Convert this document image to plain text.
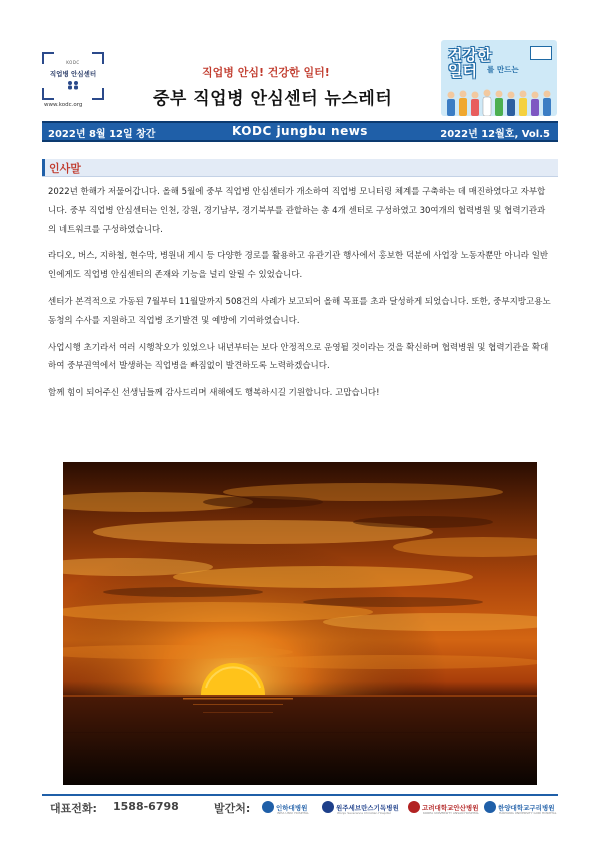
KODC
직업병 안심센터
www.kodc.org
직업병 안심! 건강한 일터!
중부 직업병 안심센터 뉴스레터
건강한
일터	를 만드는
2022년 8월 12일 창간	KODC jungbu news	2022년 12월호, Vol.5
인사말

2022년 한해가 저물어갑니다. 올해 5월에 중부 직업병 안심센터가 개소하여 직업병 모니터링 체계를 구축하는 데 매진하였다고 자부합니다. 중부 직업병 안심센터는 인천, 강원, 경기남부, 경기북부를 관할하는 총 4개 센터로 구성하였고 30여개의 협력병원 및 협력기관과의 네트워크를 구성하였습니다.

라디오, 버스, 지하철, 현수막, 병원내 게시 등 다양한 경로를 활용하고 유관기관 행사에서 홍보한 덕분에 사업장 노동자뿐만 아니라 일반인에게도 직업병 안심센터의 존재와 기능을 널리 알릴 수 있었습니다.

센터가 본격적으로 가동된 7월부터 11월말까지 508건의 사례가 보고되어 올해 목표를 초과 달성하게 되었습니다. 또한, 중부지방고용노동청의 수사를 지원하고 직업병 조기발견 및 예방에 기여하였습니다.

사업시행 초기라서 여러 시행착오가 있었으나 내년부터는 보다 안정적으로 운영될 것이라는 것을 확신하며 협력병원 및 협력기관을 확대하여 중부권역에서 발생하는 직업병을 빠짐없이 발견하도록 노력하겠습니다.

함께 힘이 되어주신 선생님들께 감사드리며 새해에도 행복하시길 기원합니다. 고맙습니다!

대표전화: 1588-6798	발간처:	인하대병원
INHA UNIV. HOSPITAL
원주세브란스기독병원
Wonju Severance Christian Hospital
고려대학교안산병원
KOREA UNIVERSITY ANSAN HOSPITAL
한양대학교구리병원
HANYANG UNIVERSITY GURI HOSPITAL
